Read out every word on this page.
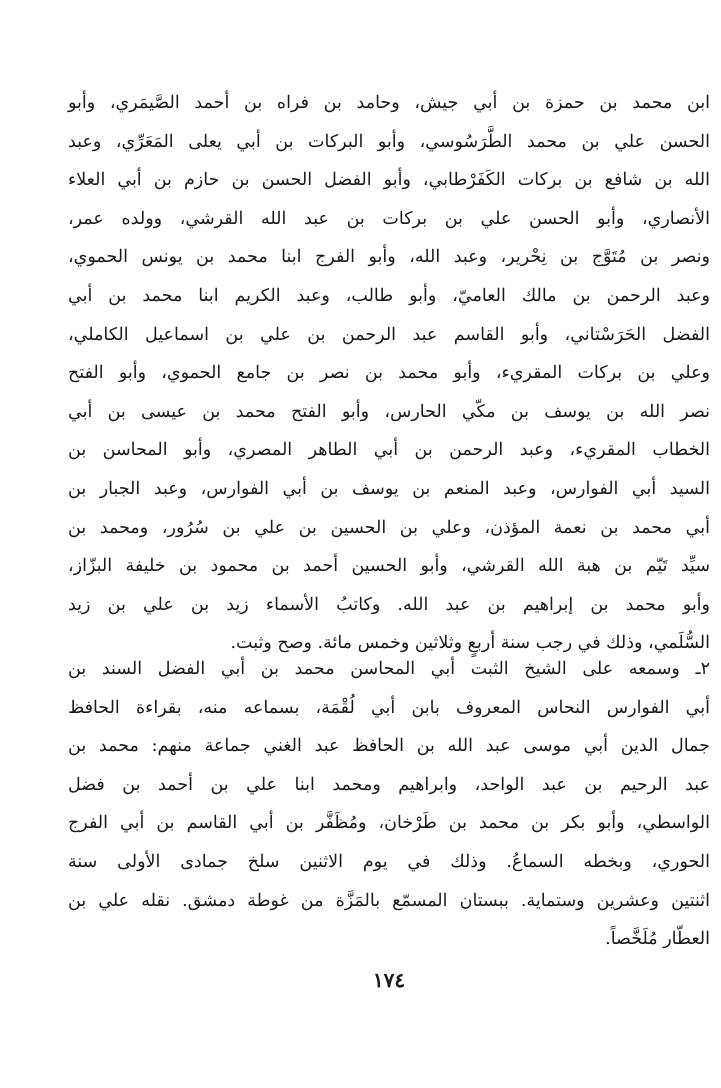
ابن محمد بن حمزة بن أبي جيش، وحامد بن فراه بن أحمد الصَّيمَري، وأبو
الحسن علي بن محمد الطَّرَسُوسي، وأبو البركات بن أبي يعلى المَعَرِّي، وعبد
الله بن شافع بن بركات الكَفَرْطابي، وأبو الفضل الحسن بن حازم بن أبي العلاء
الأنصاري، وأبو الحسن علي بن بركات بن عبد الله القرشي، وولده عمر،
ونصر بن مُتَوَّج بن نِحْرير، وعبد الله، وأبو الفرج ابنا محمد بن يونس الحموي،
وعبد الرحمن بن مالك العاميّ، وأبو طالب، وعبد الكريم ابنا محمد بن أبي
الفضل الحَرَسْتاني، وأبو القاسم عبد الرحمن بن علي بن اسماعيل الكاملي،
وعلي بن بركات المقريء، وأبو محمد بن نصر بن جامع الحموي، وأبو الفتح
نصر الله بن يوسف بن مكّي الحارس، وأبو الفتح محمد بن عيسى بن أبي
الخطاب المقريء، وعبد الرحمن بن أبي الطاهر المصري، وأبو المحاسن بن
السيد أبي الفوارس، وعبد المنعم بن يوسف بن أبي الفوارس، وعبد الجبار بن
أبي محمد بن نعمة المؤذن، وعلي بن الحسين بن علي بن سُرُور، ومحمد بن
سيِّد تَيّم بن هبة الله القرشي، وأبو الحسين أحمد بن محمود بن خليفة البزّاز،
وأبو محمد بن إبراهيم بن عبد الله. وكاتبُ الأسماء زيد بن علي بن زيد
السُّلَمي، وذلك في رجب سنة أربعٍ وثلاثين وخمس مائة. وصح وثبت.
٢ـ وسمعه على الشيخ الثبت أبي المحاسن محمد بن أبي الفضل السند بن
أبي الفوارس النحاس المعروف بابن أبي لُقْمَة، بسماعه منه، بقراءة الحافظ
جمال الدين أبي موسى عبد الله بن الحافظ عبد الغني جماعة منهم: محمد بن
عبد الرحيم بن عبد الواحد، وابراهيم ومحمد ابنا علي بن أحمد بن فضل
الواسطي، وأبو بكر بن محمد بن طَرْخان، ومُظَفَّر بن أبي القاسم بن أبي الفرج
الحوري، وبخطه السماعُ. وذلك في يوم الاثنين سلخ جمادى الأولى سنة
اثنتين وعشرين وستماية. ببستان المسمّع بالمَزَّة من غوطة دمشق. نقله علي بن
العطّار مُلَخَّصاً.
١٧٤
